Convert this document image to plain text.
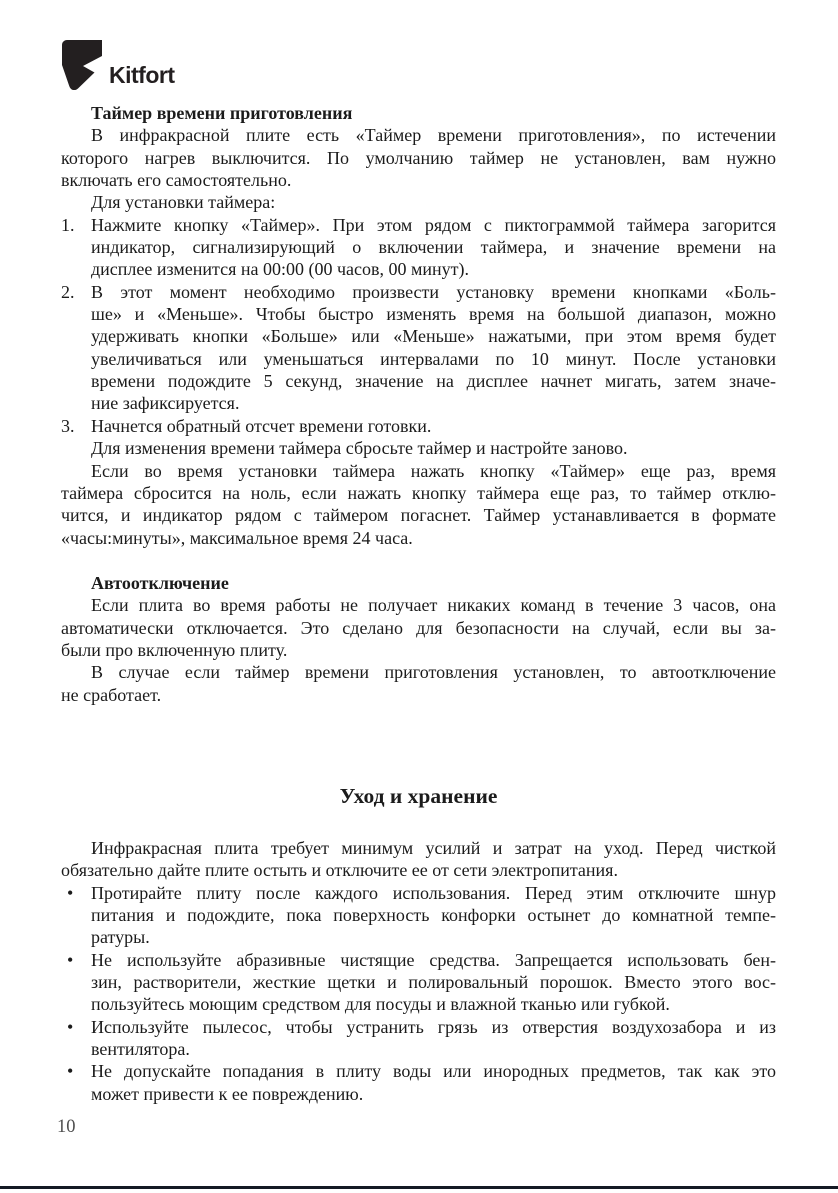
Kitfort
Таймер времени приготовления
В инфракрасной плите есть «Таймер времени приготовления», по истечении
которого нагрев выключится. По умолчанию таймер не установлен, вам нужно
включать его самостоятельно.
Для установки таймера:
1. Нажмите кнопку «Таймер». При этом рядом с пиктограммой таймера загорится
индикатор, сигнализирующий о включении таймера, и значение времени на
дисплее изменится на 00:00 (00 часов, 00 минут).
2. В этот момент необходимо произвести установку времени кнопками «Боль-
ше» и «Меньше». Чтобы быстро изменять время на большой диапазон, можно
удерживать кнопки «Больше» или «Меньше» нажатыми, при этом время будет
увеличиваться или уменьшаться интервалами по 10 минут. После установки
времени подождите 5 секунд, значение на дисплее начнет мигать, затем значе-
ние зафиксируется.
3. Начнется обратный отсчет времени готовки.
Для изменения времени таймера сбросьте таймер и настройте заново.
Если во время установки таймера нажать кнопку «Таймер» еще раз, время
таймера сбросится на ноль, если нажать кнопку таймера еще раз, то таймер отклю-
чится, и индикатор рядом с таймером погаснет. Таймер устанавливается в формате
«часы:минуты», максимальное время 24 часа.
Автоотключение
Если плита во время работы не получает никаких команд в течение 3 часов, она
автоматически отключается. Это сделано для безопасности на случай, если вы за-
были про включенную плиту.
В случае если таймер времени приготовления установлен, то автоотключение
не сработает.
Уход и хранение
Инфракрасная плита требует минимум усилий и затрат на уход. Перед чисткой
обязательно дайте плите остыть и отключите ее от сети электропитания.
• Протирайте плиту после каждого использования. Перед этим отключите шнур
питания и подождите, пока поверхность конфорки остынет до комнатной темпе-
ратуры.
• Не используйте абразивные чистящие средства. Запрещается использовать бен-
зин, растворители, жесткие щетки и полировальный порошок. Вместо этого вос-
пользуйтесь моющим средством для посуды и влажной тканью или губкой.
• Используйте пылесос, чтобы устранить грязь из отверстия воздухозабора и из
вентилятора.
• Не допускайте попадания в плиту воды или инородных предметов, так как это
может привести к ее повреждению.
10
